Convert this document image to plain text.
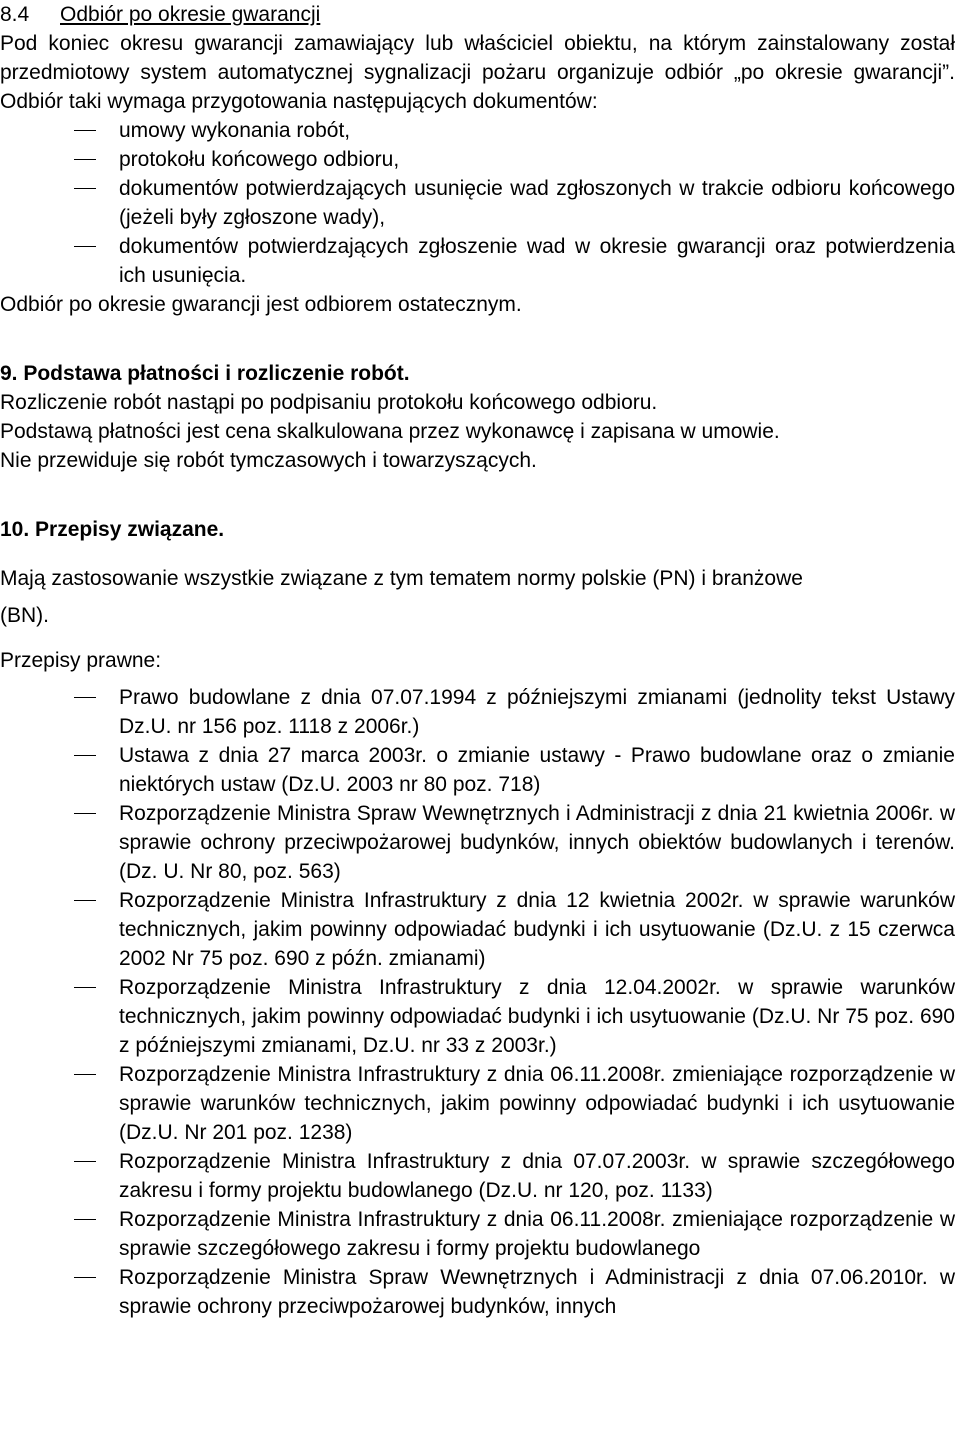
8.4 Odbiór po okresie gwarancji
Pod koniec okresu gwarancji zamawiający lub właściciel obiektu, na którym zainstalowany został przedmiotowy system automatycznej sygnalizacji pożaru organizuje odbiór „po okresie gwarancji”. Odbiór taki wymaga przygotowania następujących dokumentów:
umowy wykonania robót,
protokołu końcowego odbioru,
dokumentów potwierdzających usunięcie wad zgłoszonych w trakcie odbioru końcowego (jeżeli były zgłoszone wady),
dokumentów potwierdzających zgłoszenie wad w okresie gwarancji oraz potwierdzenia ich usunięcia.
Odbiór po okresie gwarancji jest odbiorem ostatecznym.
9. Podstawa płatności i rozliczenie robót.
Rozliczenie robót nastąpi po podpisaniu protokołu końcowego odbioru.
Podstawą płatności jest cena skalkulowana przez wykonawcę i zapisana w umowie.
Nie przewiduje się robót tymczasowych i towarzyszących.
10. Przepisy związane.
Mają zastosowanie wszystkie związane z tym tematem normy polskie (PN) i branżowe
(BN).
Przepisy prawne:
Prawo budowlane z dnia 07.07.1994 z późniejszymi zmianami (jednolity tekst Ustawy Dz.U. nr 156 poz. 1118 z 2006r.)
Ustawa z dnia 27 marca 2003r. o zmianie ustawy - Prawo budowlane oraz o zmianie niektórych ustaw (Dz.U. 2003 nr 80 poz. 718)
Rozporządzenie Ministra Spraw Wewnętrznych i Administracji z dnia 21 kwietnia 2006r. w sprawie ochrony przeciwpożarowej budynków, innych obiektów budowlanych i terenów. (Dz. U. Nr 80, poz. 563)
Rozporządzenie Ministra Infrastruktury z dnia 12 kwietnia 2002r. w sprawie warunków technicznych, jakim powinny odpowiadać budynki i ich usytuowanie (Dz.U. z 15 czerwca 2002 Nr 75 poz. 690 z późn. zmianami)
Rozporządzenie Ministra Infrastruktury z dnia 12.04.2002r. w sprawie warunków technicznych, jakim powinny odpowiadać budynki i ich usytuowanie (Dz.U. Nr 75 poz. 690 z późniejszymi zmianami, Dz.U. nr 33 z 2003r.)
Rozporządzenie Ministra Infrastruktury z dnia 06.11.2008r. zmieniające rozporządzenie w sprawie warunków technicznych, jakim powinny odpowiadać budynki i ich usytuowanie (Dz.U. Nr 201 poz. 1238)
Rozporządzenie Ministra Infrastruktury z dnia 07.07.2003r. w sprawie szczegółowego zakresu i formy projektu budowlanego (Dz.U. nr 120, poz. 1133)
Rozporządzenie Ministra Infrastruktury z dnia 06.11.2008r. zmieniające rozporządzenie w sprawie szczegółowego zakresu i formy projektu budowlanego
Rozporządzenie Ministra Spraw Wewnętrznych i Administracji z dnia 07.06.2010r. w sprawie ochrony przeciwpożarowej budynków, innych
